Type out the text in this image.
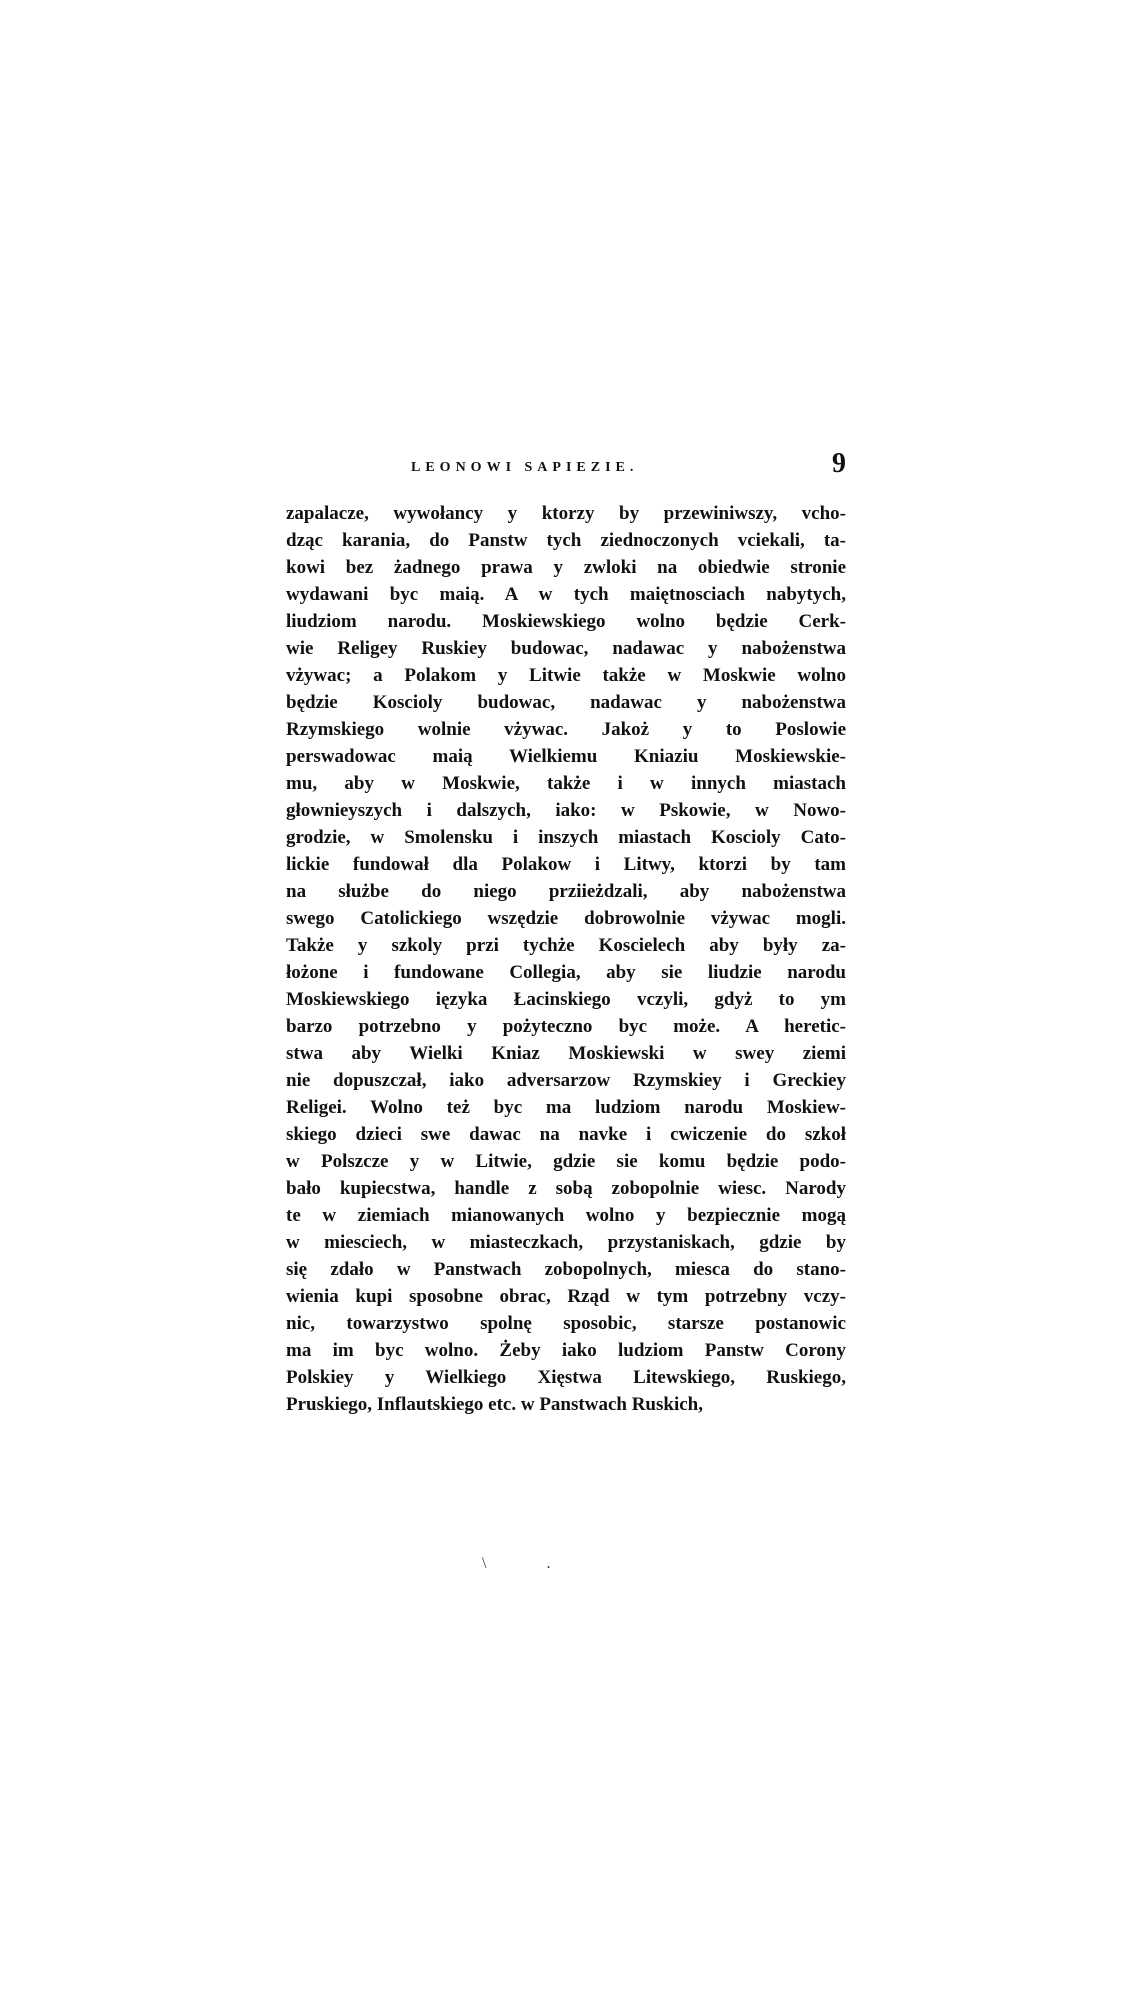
LEONOWI SAPIEZIE.	9
zapalacze, wywołancy y ktorzy by przewiniwszy, vcho-
dząc karania, do Panstw tych ziednoczonych vciekali, ta-
kowi bez żadnego prawa y zwloki na obiedwie stronie
wydawani byc maią. A w tych maiętnosciach nabytych,
liudziom narodu. Moskiewskiego wolno będzie Cerk-
wie Religey Ruskiey budowac, nadawac y nabożenstwa
vżywac; a Polakom y Litwie także w Moskwie wolno
będzie Koscioly budowac, nadawac y nabożenstwa
Rzymskiego wolnie vżywac. Jakoż y to Poslowie
perswadowac maią Wielkiemu Kniaziu Moskiewskie-
mu, aby w Moskwie, także i w innych miastach
głownieyszych i dalszych, iako: w Pskowie, w Nowo-
grodzie, w Smolensku i inszych miastach Koscioly Cato-
lickie fundował dla Polakow i Litwy, ktorzi by tam
na służbe do niego prziieżdzali, aby nabożenstwa
swego Catolickiego wszędzie dobrowolnie vżywac mogli.
Także y szkoly przi tychże Koscielech aby były za-
łożone i fundowane Collegia, aby sie liudzie narodu
Moskiewskiego ięzyka Łacinskiego vczyli, gdyż to ym
barzo potrzebno y pożyteczno byc może. A heretic-
stwa aby Wielki Kniaz Moskiewski w swey ziemi
nie dopuszczał, iako adversarzow Rzymskiey i Greckiey
Religei. Wolno też byc ma ludziom narodu Moskiew-
skiego dzieci swe dawac na navke i cwiczenie do szkoł
w Polszcze y w Litwie, gdzie sie komu będzie podo-
bało kupiecstwa, handle z sobą zobopolnie wiesc. Narody
te w ziemiach mianowanych wolno y bezpiecznie mogą
w miesciech, w miasteczkach, przystaniskach, gdzie by
się zdało w Panstwach zobopolnych, miesca do stano-
wienia kupi sposobne obrac, Rząd w tym potrzebny vczy-
nic, towarzystwo spolnę sposobic, starsze postanowic
ma im byc wolno. Żeby iako ludziom Panstw Corony
Polskiey y Wielkiego Xięstwa Litewskiego, Ruskiego,
Pruskiego, Inflautskiego etc. w Panstwach Ruskich,
\ .
